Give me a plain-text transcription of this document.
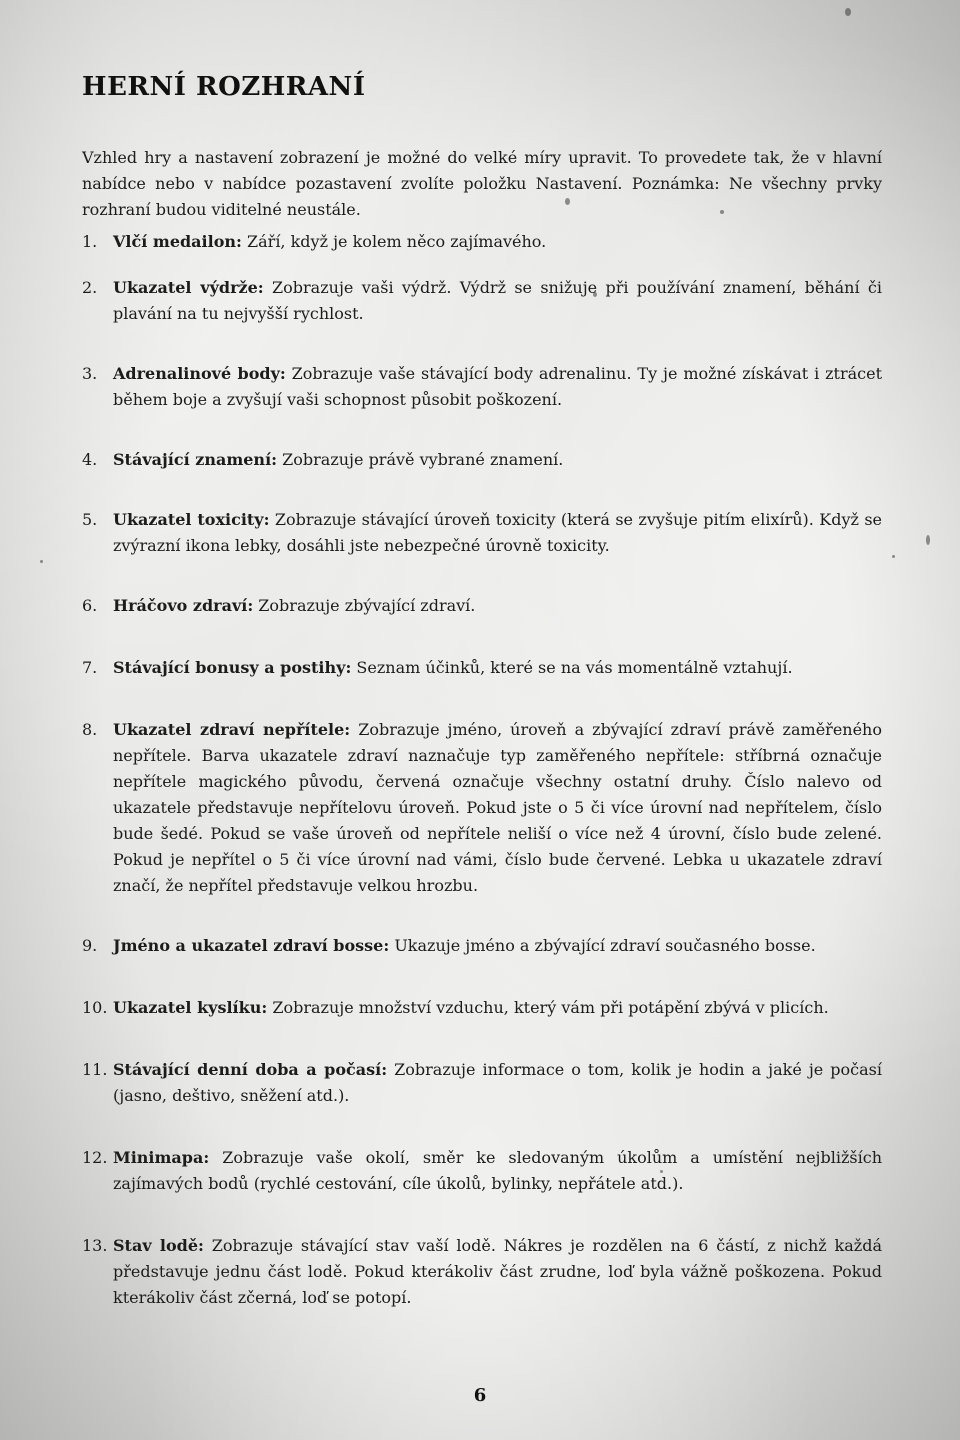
HERNÍ ROZHRANÍ

Vzhled hry a nastavení zobrazení je možné do velké míry upravit. To provedete tak, že v hlavní nabídce nebo v nabídce pozastavení zvolíte položku Nastavení. Poznámka: Ne všechny prvky rozhraní budou viditelné neustále.

1. Vlčí medailon: Září, když je kolem něco zajímavého.
2. Ukazatel výdrže: Zobrazuje vaši výdrž. Výdrž se snižuje při používání znamení, běhání či plavání na tu nejvyšší rychlost.
3. Adrenalinové body: Zobrazuje vaše stávající body adrenalinu. Ty je možné získávat i ztrácet během boje a zvyšují vaši schopnost působit poškození.
4. Stávající znamení: Zobrazuje právě vybrané znamení.
5. Ukazatel toxicity: Zobrazuje stávající úroveň toxicity (která se zvyšuje pitím elixírů). Když se zvýrazní ikona lebky, dosáhli jste nebezpečné úrovně toxicity.
6. Hráčovo zdraví: Zobrazuje zbývající zdraví.
7. Stávající bonusy a postihy: Seznam účinků, které se na vás momentálně vztahují.
8. Ukazatel zdraví nepřítele: Zobrazuje jméno, úroveň a zbývající zdraví právě zaměřeného nepřítele. Barva ukazatele zdraví naznačuje typ zaměřeného nepřítele: stříbrná označuje nepřítele magického původu, červená označuje všechny ostatní druhy. Číslo nalevo od ukazatele představuje nepřítelovu úroveň. Pokud jste o 5 či více úrovní nad nepřítelem, číslo bude šedé. Pokud se vaše úroveň od nepřítele neliší o více než 4 úrovní, číslo bude zelené. Pokud je nepřítel o 5 či více úrovní nad vámi, číslo bude červené. Lebka u ukazatele zdraví značí, že nepřítel představuje velkou hrozbu.
9. Jméno a ukazatel zdraví bosse: Ukazuje jméno a zbývající zdraví současného bosse.
10. Ukazatel kyslíku: Zobrazuje množství vzduchu, který vám při potápění zbývá v plicích.
11. Stávající denní doba a počasí: Zobrazuje informace o tom, kolik je hodin a jaké je počasí (jasno, deštivo, sněžení atd.).
12. Minimapa: Zobrazuje vaše okolí, směr ke sledovaným úkolům a umístění nejbližších zajímavých bodů (rychlé cestování, cíle úkolů, bylinky, nepřátele atd.).
13. Stav lodě: Zobrazuje stávající stav vaší lodě. Nákres je rozdělen na 6 částí, z nichž každá představuje jednu část lodě. Pokud kterákoliv část zrudne, loď byla vážně poškozena. Pokud kterákoliv část zčerná, loď se potopí.
6
